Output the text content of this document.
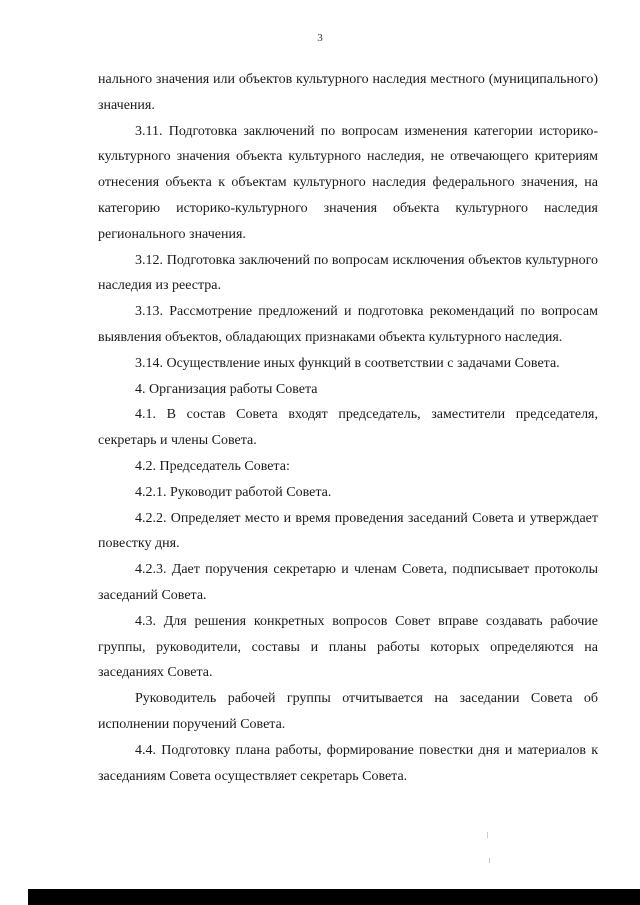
3

нального значения или объектов культурного наследия местного (муниципального) значения.

3.11. Подготовка заключений по вопросам изменения категории историко-культурного значения объекта культурного наследия, не отвечающего критериям отнесения объекта к объектам культурного наследия федерального значения, на категорию историко-культурного значения объекта культурного наследия регионального значения.

3.12. Подготовка заключений по вопросам исключения объектов культурного наследия из реестра.

3.13. Рассмотрение предложений и подготовка рекомендаций по вопросам выявления объектов, обладающих признаками объекта культурного наследия.

3.14. Осуществление иных функций в соответствии с задачами Совета.

4. Организация работы Совета

4.1. В состав Совета входят председатель, заместители председателя, секретарь и члены Совета.

4.2. Председатель Совета:

4.2.1. Руководит работой Совета.

4.2.2. Определяет место и время проведения заседаний Совета и утверждает повестку дня.

4.2.3. Дает поручения секретарю и членам Совета, подписывает протоколы заседаний Совета.

4.3. Для решения конкретных вопросов Совет вправе создавать рабочие группы, руководители, составы и планы работы которых определяются на заседаниях Совета.

Руководитель рабочей группы отчитывается на заседании Совета об исполнении поручений Совета.

4.4. Подготовку плана работы, формирование повестки дня и материалов к заседаниям Совета осуществляет секретарь Совета.
